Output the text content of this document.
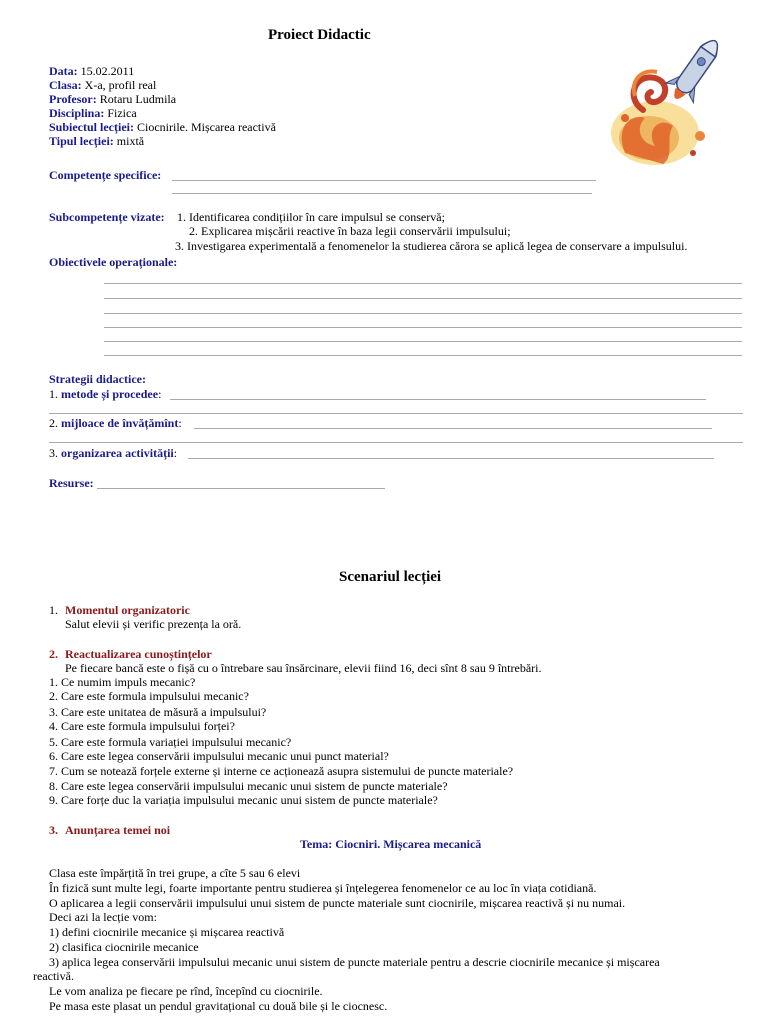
Proiect Didactic
Data: 15.02.2011
Clasa: X-a, profil real
Profesor: Rotaru Ludmila
Disciplina: Fizica
Subiectul lecției: Ciocnirile. Mișcarea reactivă
Tipul lecției: mixtă
Competențe specifice:
Subcompetențe vizate: 1. Identificarea condițiilor în care impulsul se conservă;
2. Explicarea mișcării reactive în baza legii conservării impulsului;
3. Investigarea experimentală a fenomenelor la studierea cărora se aplică legea de conservare a impulsului.
Obiectivele operaționale:
Strategii didactice:
1. metode și procedee:
2. mijloace de învățămînt:
3. organizarea activității:
Resurse:
Scenariul lecției
1. Momentul organizatoric
Salut elevii și verific prezența la oră.
2. Reactualizarea cunoștințelor
Pe fiecare bancă este o fișă cu o întrebare sau însărcinare, elevii fiind 16, deci sînt 8 sau 9 întrebări.
1. Ce numim impuls mecanic?
2. Care este formula impulsului mecanic?
3. Care este unitatea de măsură a impulsului?
4. Care este formula impulsului forței?
5. Care este formula variației impulsului mecanic?
6. Care este legea conservării impulsului mecanic unui punct material?
7. Cum se notează forțele externe și interne ce acționează asupra sistemului de puncte materiale?
8. Care este legea conservării impulsului mecanic unui sistem de puncte materiale?
9. Care forțe duc la variația impulsului mecanic unui sistem de puncte materiale?
3. Anunțarea temei noi
Tema: Ciocniri. Mișcarea mecanică
Clasa este împărțită în trei grupe, a cîte 5 sau 6 elevi
În fizică sunt multe legi, foarte importante pentru studierea și înțelegerea fenomenelor ce au loc în viața cotidiană.
O aplicarea a legii conservării impulsului unui sistem de puncte materiale sunt ciocnirile, mișcarea reactivă și nu numai.
Deci azi la lecție vom:
1) defini ciocnirile mecanice și mișcarea reactivă
2) clasifica ciocnirile mecanice
3) aplica legea conservării impulsului mecanic unui sistem de puncte materiale pentru a descrie ciocnirile mecanice și mișcarea
reactivă.
Le vom analiza pe fiecare pe rînd, începînd cu ciocnirile.
Pe masa este plasat un pendul gravitațional cu două bile și le ciocnesc.
